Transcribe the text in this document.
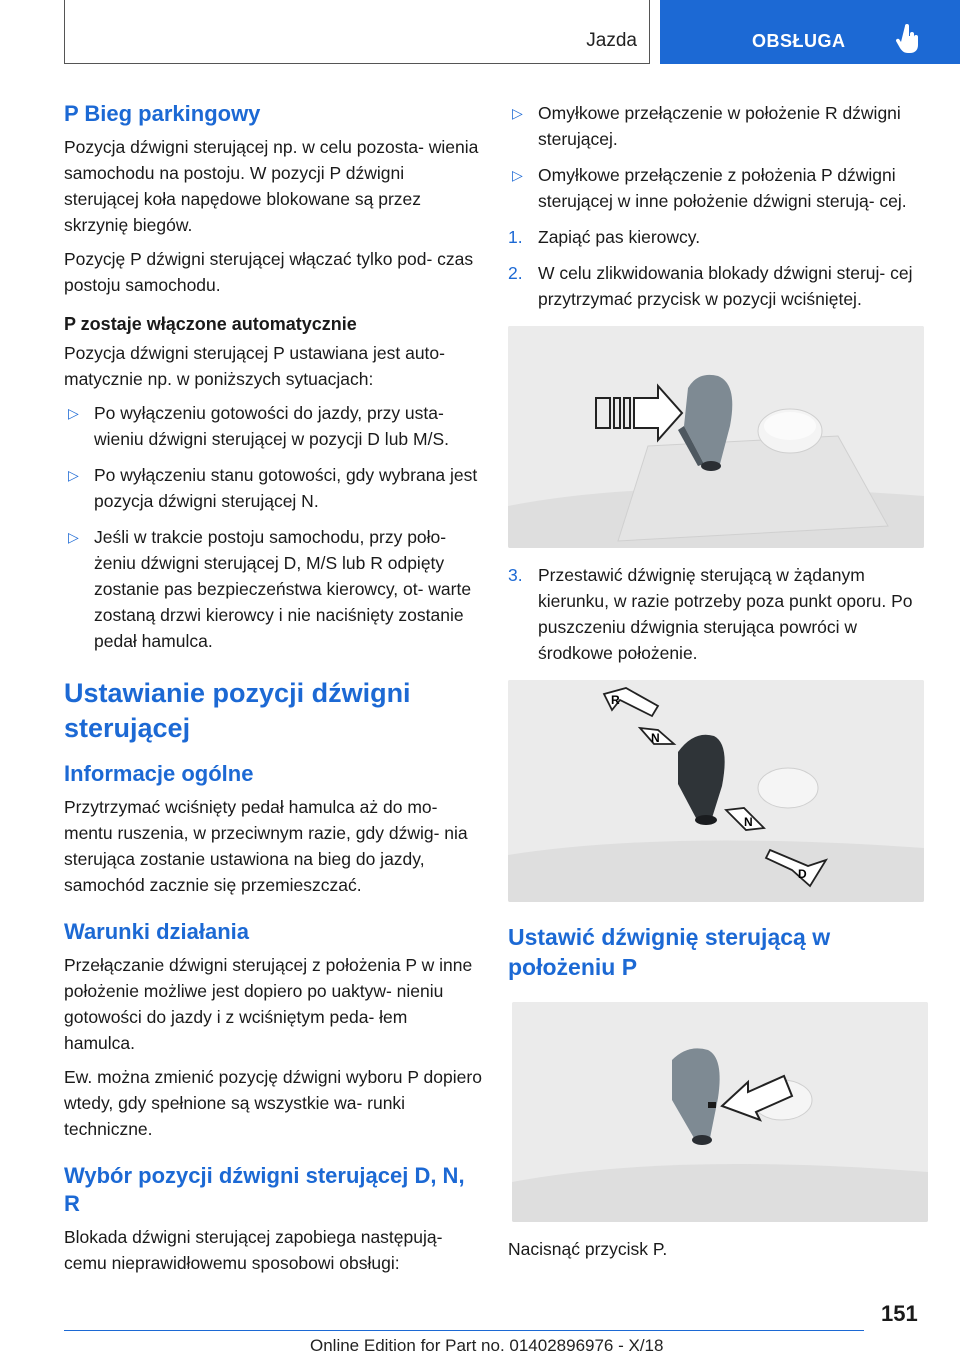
Jazda	OBSŁUGA
P Bieg parkingowy

Pozycja dźwigni sterującej np. w celu pozosta‐ wienia samochodu na postoju. W pozycji P dźwigni sterującej koła napędowe blokowane są przez skrzynię biegów.

Pozycję P dźwigni sterującej włączać tylko pod‐ czas postoju samochodu.

P zostaje włączone automatycznie

Pozycja dźwigni sterującej P ustawiana jest auto‐ matycznie np. w poniższych sytuacjach:

▷ Po wyłączeniu gotowości do jazdy, przy usta‐ wieniu dźwigni sterującej w pozycji D lub M/S.
▷ Po wyłączeniu stanu gotowości, gdy wybrana jest pozycja dźwigni sterującej N.
▷ Jeśli w trakcie postoju samochodu, przy poło‐ żeniu dźwigni sterującej D, M/S lub R odpięty zostanie pas bezpieczeństwa kierowcy, ot‐ warte zostaną drzwi kierowcy i nie naciśnięty zostanie pedał hamulca.
Ustawianie pozycji dźwigni sterującej
Informacje ogólne

Przytrzymać wciśnięty pedał hamulca aż do mo‐ mentu ruszenia, w przeciwnym razie, gdy dźwig‐ nia sterująca zostanie ustawiona na bieg do jazdy, samochód zacznie się przemieszczać.

Warunki działania

Przełączanie dźwigni sterującej z położenia P w inne położenie możliwe jest dopiero po uaktyw‐ nieniu gotowości do jazdy i z wciśniętym peda‐ łem hamulca.

Ew. można zmienić pozycję dźwigni wyboru P dopiero wtedy, gdy spełnione są wszystkie wa‐ runki techniczne.

Wybór pozycji dźwigni sterującej D, N, R

Blokada dźwigni sterującej zapobiega następują‐ cemu nieprawidłowemu sposobowi obsługi:

▷ Omyłkowe przełączenie w położenie R dźwigni sterującej.
▷ Omyłkowe przełączenie z położenia P dźwigni sterującej w inne położenie dźwigni sterują‐ cej.
1. Zapiąć pas kierowcy.
2. W celu zlikwidowania blokady dźwigni steruj‐ cej przytrzymać przycisk w pozycji wciśniętej.
3. Przestawić dźwignię sterującą w żądanym kierunku, w razie potrzeby poza punkt oporu. Po puszczeniu dźwignia sterująca powróci w środkowe położenie.
R
N
N
D
Ustawić dźwignię sterującą w położeniu P

Nacisnąć przycisk P.

151
Online Edition for Part no. 01402896976 - X/18
